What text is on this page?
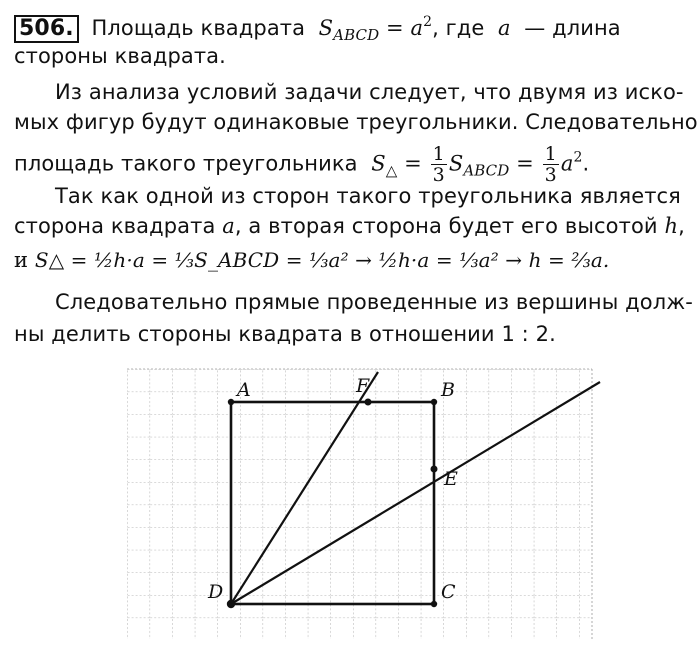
506. Площадь квадрата $S_{ABCD} = a^2$, где a — длина
стороны квадрата.
Из анализа условий задачи следует, что двумя из иско-
мых фигур будут одинаковые треугольники. Следовательно
площадь такого треугольника $S_\triangle = \frac{1}{3} S_{ABCD} = \frac{1}{3} a^2$.
Так как одной из сторон такого треугольника является
сторона квадрата a, а вторая сторона будет его высотой h,
и S△ = ½h·a = ⅓S_ABCD = ⅓a² → ½h·a = ⅓a² → h = ⅔a.
Следовательно прямые проведенные из вершины долж-
ны делить стороны квадрата в отношении 1 : 2.
A	B
C
D
E
F
